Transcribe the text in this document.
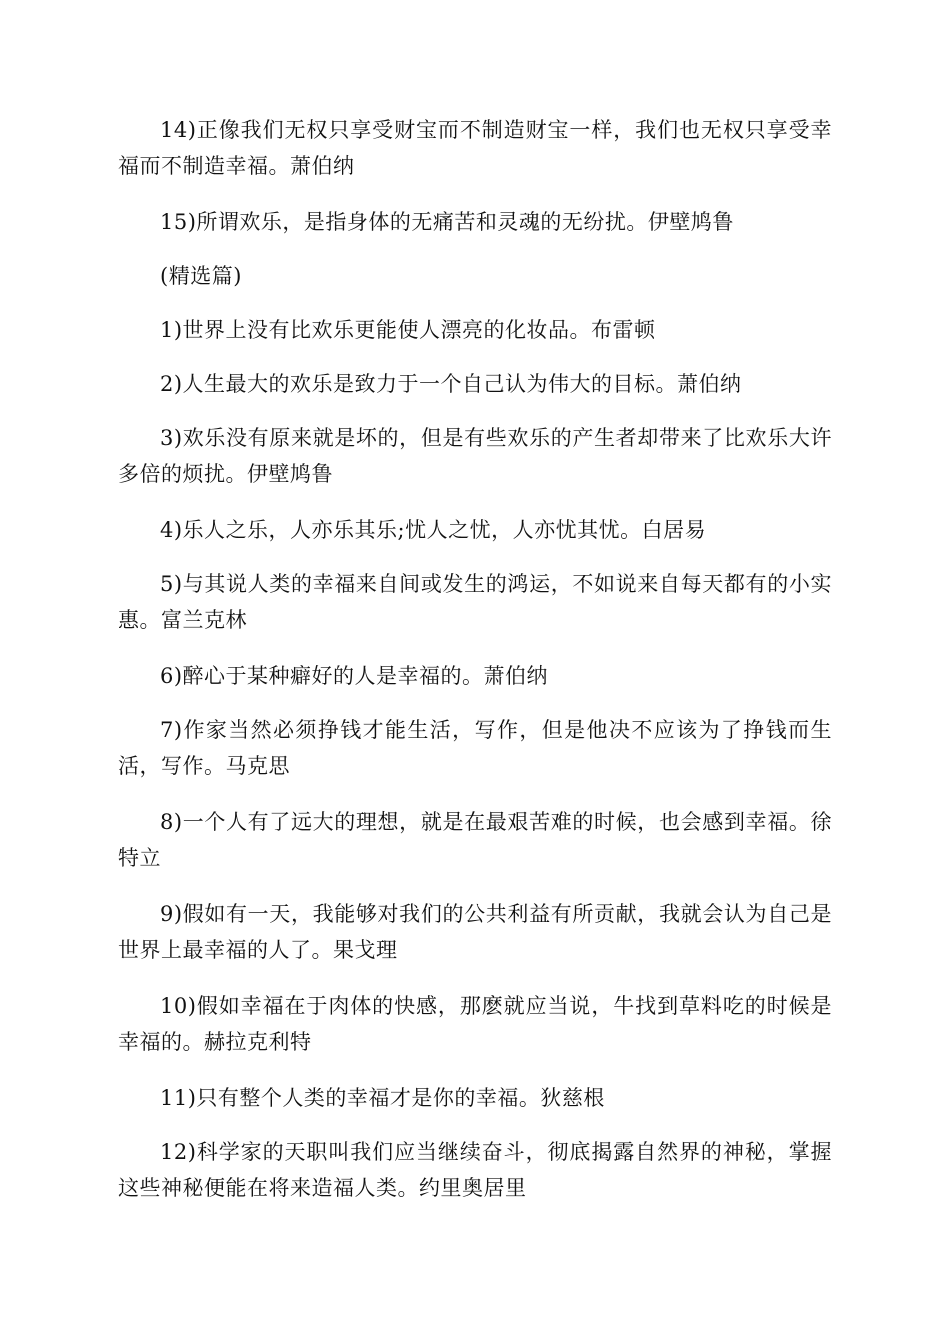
14)正像我们无权只享受财宝而不制造财宝一样，我们也无权只享受幸福而不制造幸福。萧伯纳

15)所谓欢乐，是指身体的无痛苦和灵魂的无纷扰。伊壁鸠鲁

(精选篇)

1)世界上没有比欢乐更能使人漂亮的化妆品。布雷顿

2)人生最大的欢乐是致力于一个自己认为伟大的目标。萧伯纳

3)欢乐没有原来就是坏的，但是有些欢乐的产生者却带来了比欢乐大许多倍的烦扰。伊壁鸠鲁

4)乐人之乐，人亦乐其乐;忧人之忧，人亦忧其忧。白居易

5)与其说人类的幸福来自间或发生的鸿运，不如说来自每天都有的小实惠。富兰克林

6)醉心于某种癖好的人是幸福的。萧伯纳

7)作家当然必须挣钱才能生活，写作，但是他决不应该为了挣钱而生活，写作。马克思

8)一个人有了远大的理想，就是在最艰苦难的时候，也会感到幸福。徐特立

9)假如有一天，我能够对我们的公共利益有所贡献，我就会认为自己是世界上最幸福的人了。果戈理

10)假如幸福在于肉体的快感，那麽就应当说，牛找到草料吃的时候是幸福的。赫拉克利特

11)只有整个人类的幸福才是你的幸福。狄慈根

12)科学家的天职叫我们应当继续奋斗，彻底揭露自然界的神秘，掌握这些神秘便能在将来造福人类。约里奥居里
